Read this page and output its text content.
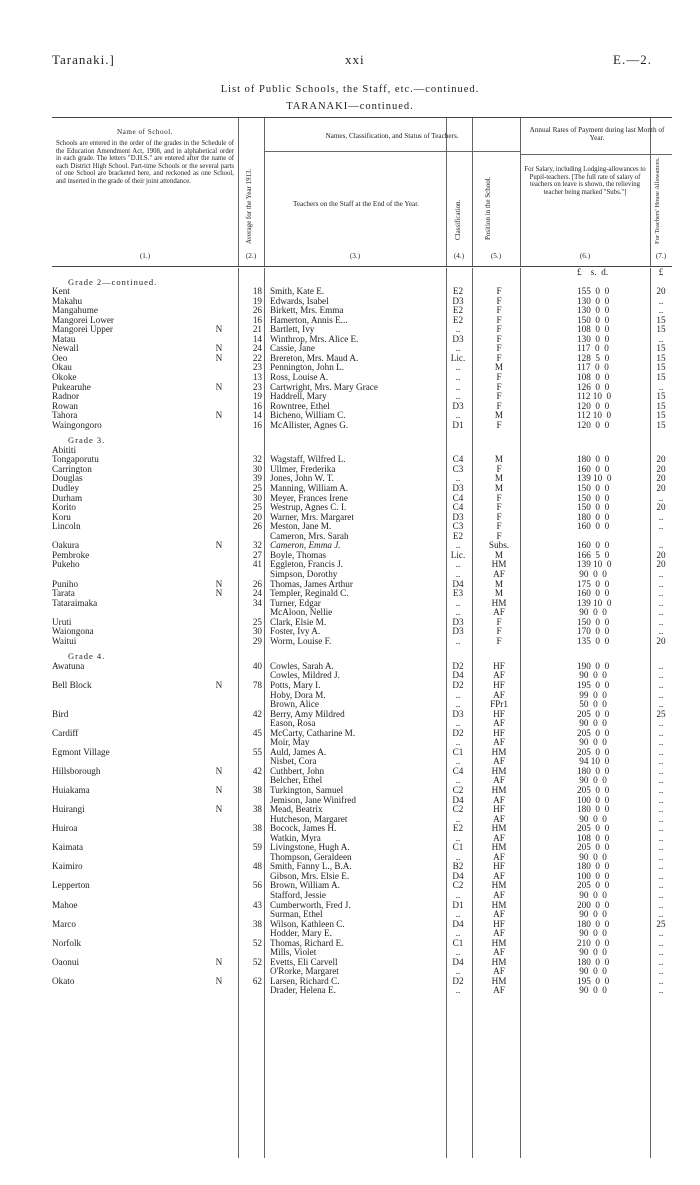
Taranaki.]	xxi	E.—2.
List of Public Schools, the Staff, etc.—continued.
TARANAKI—continued.
Name of School.
Schools are entered in the order of the grades in the Schedule of the Education Amendment Act, 1908, and in alphabetical order in each grade. The letters "D.H.S." are entered after the name of each District High School. Part-time Schools or the several parts of one School are bracketed here, and reckoned as one School, and inserted in the grade of their joint attendance.
(1.)
Average for the Year 1913.
(2.)
Names, Classification, and Status of Teachers.
Teachers on the Staff at the End of the Year.
(3.)
Classification.
(4.)
Position in the School.
(5.)
Annual Rates of Payment during last Month of Year.
For Salary, including Lodging-allowances to Pupil-teachers. [The full rate of salary of teachers on leave is shown, the relieving teacher being marked "Subs."]
(6.)
For Teachers' House Allowances.
(7.)
£ s. d.	£
Grade 2—continued.
Kent	18 Smith, Kate E.	E2	F	155  0  0	20
Makahu	19 Edwards, Isabel	D3	F	130  0  0	..
Mangahume	26 Birkett, Mrs. Emma	E2	F	130  0  0	..
Mangorei Lower	16 Hamerton, Annis E...	E2	F	150  0  0	15
Mangorei Upper	N	21 Bartlett, Ivy	..	F	108  0  0	15
Matau	14 Winthrop, Mrs. Alice E.	D3	F	130  0  0	..
Newall	N	24 Cassie, Jane	..	F	117  0  0	15
Oeo	N	22 Brereton, Mrs. Maud A.	Lic.	F	128  5  0	15
Okau	23 Pennington, John L.	..	M	117  0  0	15
Okoke	13 Ross, Louise A.	..	F	108  0  0	15
Pukearuhe	N	23 Cartwright, Mrs. Mary Grace	..	F	126  0  0	..
Radnor	19 Haddrell, Mary	..	F	112 10  0	15
Rowan	16 Rowntree, Ethel	D3	F	120  0  0	15
Tahora	N	14 Bicheno, William C.	..	M	112 10  0	15
Waingongoro	16 McAllister, Agnes G.	D1	F	120  0  0	15
Grade 3.
Abititi
Tongaporutu	32 Wagstaff, Wilfred L.	C4	M	180  0  0	20
Carrington	30 Ullmer, Frederika	C3	F	160  0  0	20
Douglas	39 Jones, John W. T.	..	M	139 10  0	20
Dudley	25 Manning, William A.	D3	M	150  0  0	20
Durham	30 Meyer, Frances Irene	C4	F	150  0  0	..
Korito	25 Westrup, Agnes C. I.	C4	F	150  0  0	20
Koru	20 Warner, Mrs. Margaret	D3	F	180  0  0	..
Lincoln	26 Meston, Jane M.	C3	F	160  0  0	..
Cameron, Mrs. Sarah	E2	F
Oakura	N	32 Cameron, Emma J.	..	Subs.	160  0  0	..
Pembroke	27 Boyle, Thomas	Lic.	M	166  5  0	20
Pukeho	41 Eggleton, Francis J.	..	HM	139 10  0	20
Simpson, Dorothy	..	AF	90  0  0	..
Puniho	N	26 Thomas, James Arthur	D4	M	175  0  0	..
Tarata	N	24 Templer, Reginald C.	E3	M	160  0  0	..
Tataraimaka	34 Turner, Edgar	..	HM	139 10  0	..
McAloon, Nellie	..	AF	90  0  0	..
Uruti	25 Clark, Elsie M.	D3	F	150  0  0	..
Waiongona	30 Foster, Ivy A.	D3	F	170  0  0	..
Waitui	29 Worm, Louise F.	..	F	135  0  0	20
Grade 4.
Awatuna	40 Cowles, Sarah A.	D2	HF	190  0  0	..
Cowles, Mildred J.	D4	AF	90  0  0	..
Bell Block	N	78 Potts, Mary I.	D2	HF	195  0  0	..
Hoby, Dora M.	..	AF	99  0  0	..
Brown, Alice	..	FPr1	50  0  0	..
Bird	42 Berry, Amy Mildred	D3	HF	205  0  0	25
Eason, Rosa	..	AF	90  0  0	..
Cardiff	45 McCarty, Catharine M.	D2	HF	205  0  0	..
Moir, May	..	AF	90  0  0	..
Egmont Village	55 Auld, James A.	C1	HM	205  0  0	..
Nisbet, Cora	..	AF	94 10  0	..
Hillsborough	N	42 Cuthbert, John	C4	HM	180  0  0	..
Belcher, Ethel	..	AF	90  0  0	..
Huiakama	N	38 Turkington, Samuel	C2	HM	205  0  0	..
Jemison, Jane Winifred	D4	AF	100  0  0	..
Huirangi	N	38 Mead, Beatrix	C2	HF	180  0  0	..
Hutcheson, Margaret	..	AF	90  0  0	..
Huiroa	38 Bocock, James H.	E2	HM	205  0  0	..
Watkin, Myra	..	AF	108  0  0	..
Kaimata	59 Livingstone, Hugh A.	C1	HM	205  0  0	..
Thompson, Geraldeen	..	AF	90  0  0	..
Kaimiro	48 Smith, Fanny L., B.A.	B2	HF	180  0  0	..
Gibson, Mrs. Elsie E.	D4	AF	100  0  0	..
Lepperton	56 Brown, William A.	C2	HM	205  0  0	..
Stafford, Jessie	..	AF	90  0  0	..
Mahoe	43 Cumberworth, Fred J.	D1	HM	200  0  0	..
Surman, Ethel	..	AF	90  0  0	..
Marco	38 Wilson, Kathleen C.	D4	HF	180  0  0	25
Hodder, Mary E.	..	AF	90  0  0	..
Norfolk	52 Thomas, Richard E.	C1	HM	210  0  0	..
Mills, Violet	..	AF	90  0  0	..
Oaonui	N	52 Evetts, Eli Carvell	D4	HM	180  0  0	..
O'Rorke, Margaret	..	AF	90  0  0	..
Okato	N	62 Larsen, Richard C.	D2	HM	195  0  0	..
Drader, Helena E.	..	AF	90  0  0	..
